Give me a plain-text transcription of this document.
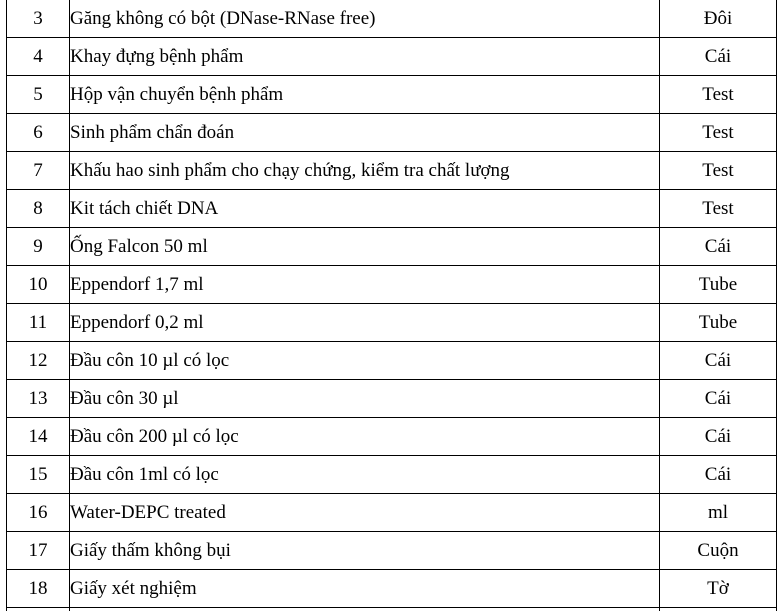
3	Găng không có bột (DNase-RNase free)	Đôi
4	Khay đựng bệnh phẩm	Cái
5	Hộp vận chuyển bệnh phẩm	Test
6	Sinh phẩm chẩn đoán	Test
7	Khấu hao sinh phẩm cho chạy chứng, kiểm tra chất lượng	Test
8	Kit tách chiết DNA	Test
9	Ống Falcon 50 ml	Cái
10	Eppendorf 1,7 ml	Tube
11	Eppendorf 0,2 ml	Tube
12	Đầu côn 10 µl có lọc	Cái
13	Đầu côn 30 µl	Cái
14	Đầu côn 200 µl có lọc	Cái
15	Đầu côn 1ml có lọc	Cái
16	Water-DEPC treated	ml
17	Giấy thấm không bụi	Cuộn
18	Giấy xét nghiệm	Tờ
